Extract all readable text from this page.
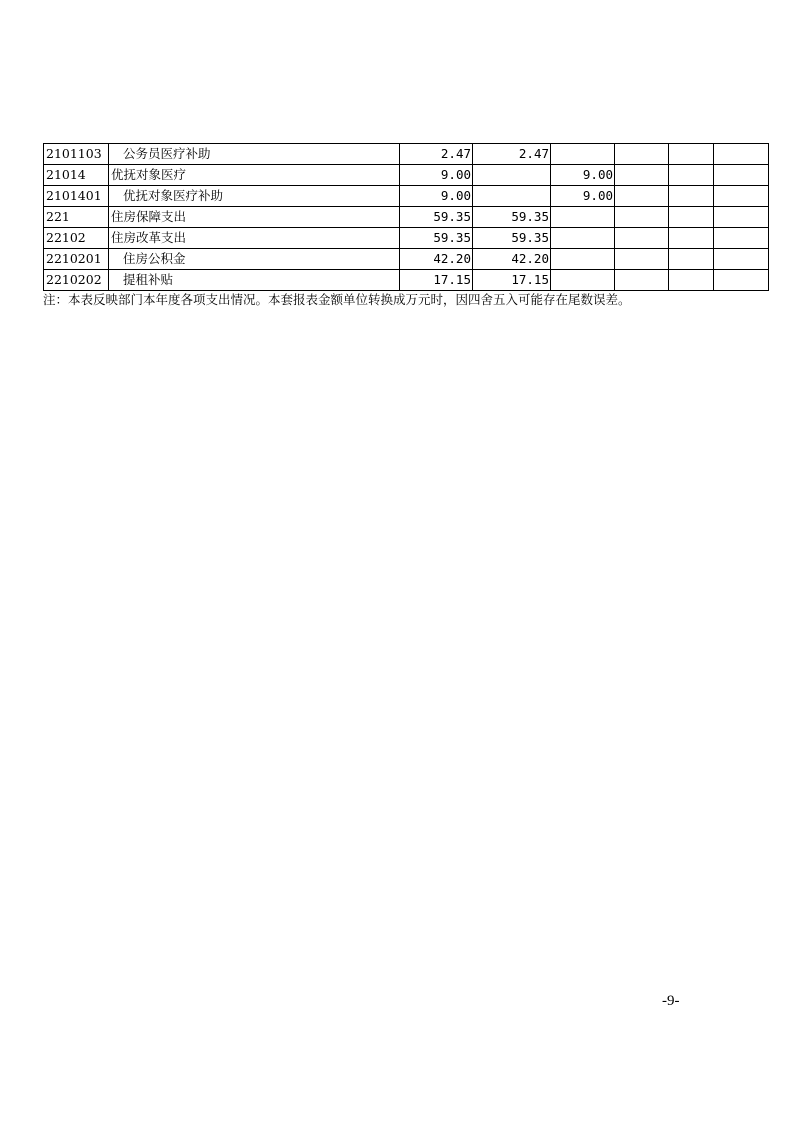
2101103	公务员医疗补助	2.47	2.47				
21014	优抚对象医疗	9.00		9.00			
2101401	优抚对象医疗补助	9.00		9.00			
221	住房保障支出	59.35	59.35				
22102	住房改革支出	59.35	59.35				
2210201	住房公积金	42.20	42.20				
2210202	提租补贴	17.15	17.15				
注：本表反映部门本年度各项支出情况。本套报表金额单位转换成万元时，因四舍五入可能存在尾数误差。
-9-
